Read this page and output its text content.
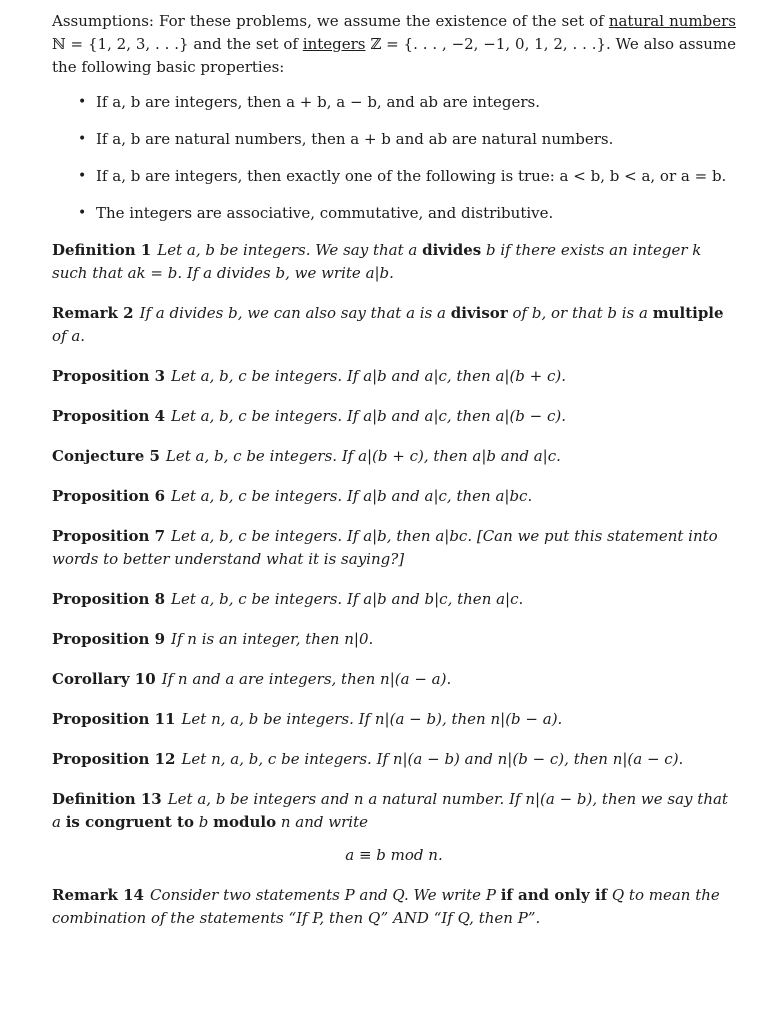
Assumptions: For these problems, we assume the existence of the set of natural numbers ℕ = {1, 2, 3, . . .} and the set of integers ℤ = {. . . , −2, −1, 0, 1, 2, . . .}. We also assume the following basic properties:

• If a, b are integers, then a + b, a − b, and ab are integers.
• If a, b are natural numbers, then a + b and ab are natural numbers.
• If a, b are integers, then exactly one of the following is true: a < b, b < a, or a = b.
• The integers are associative, commutative, and distributive.

Definition 1 Let a, b be integers. We say that a divides b if there exists an integer k such that ak = b. If a divides b, we write a|b.

Remark 2 If a divides b, we can also say that a is a divisor of b, or that b is a multiple of a.

Proposition 3 Let a, b, c be integers. If a|b and a|c, then a|(b + c).

Proposition 4 Let a, b, c be integers. If a|b and a|c, then a|(b − c).

Conjecture 5 Let a, b, c be integers. If a|(b + c), then a|b and a|c.

Proposition 6 Let a, b, c be integers. If a|b and a|c, then a|bc.

Proposition 7 Let a, b, c be integers. If a|b, then a|bc. [Can we put this statement into words to better understand what it is saying?]

Proposition 8 Let a, b, c be integers. If a|b and b|c, then a|c.

Proposition 9 If n is an integer, then n|0.

Corollary 10 If n and a are integers, then n|(a − a).

Proposition 11 Let n, a, b be integers. If n|(a − b), then n|(b − a).

Proposition 12 Let n, a, b, c be integers. If n|(a − b) and n|(b − c), then n|(a − c).

Definition 13 Let a, b be integers and n a natural number. If n|(a − b), then we say that a is congruent to b modulo n and write
a ≡ b mod n.

Remark 14 Consider two statements P and Q. We write P if and only if Q to mean the combination of the statements “If P, then Q” AND “If Q, then P”.
